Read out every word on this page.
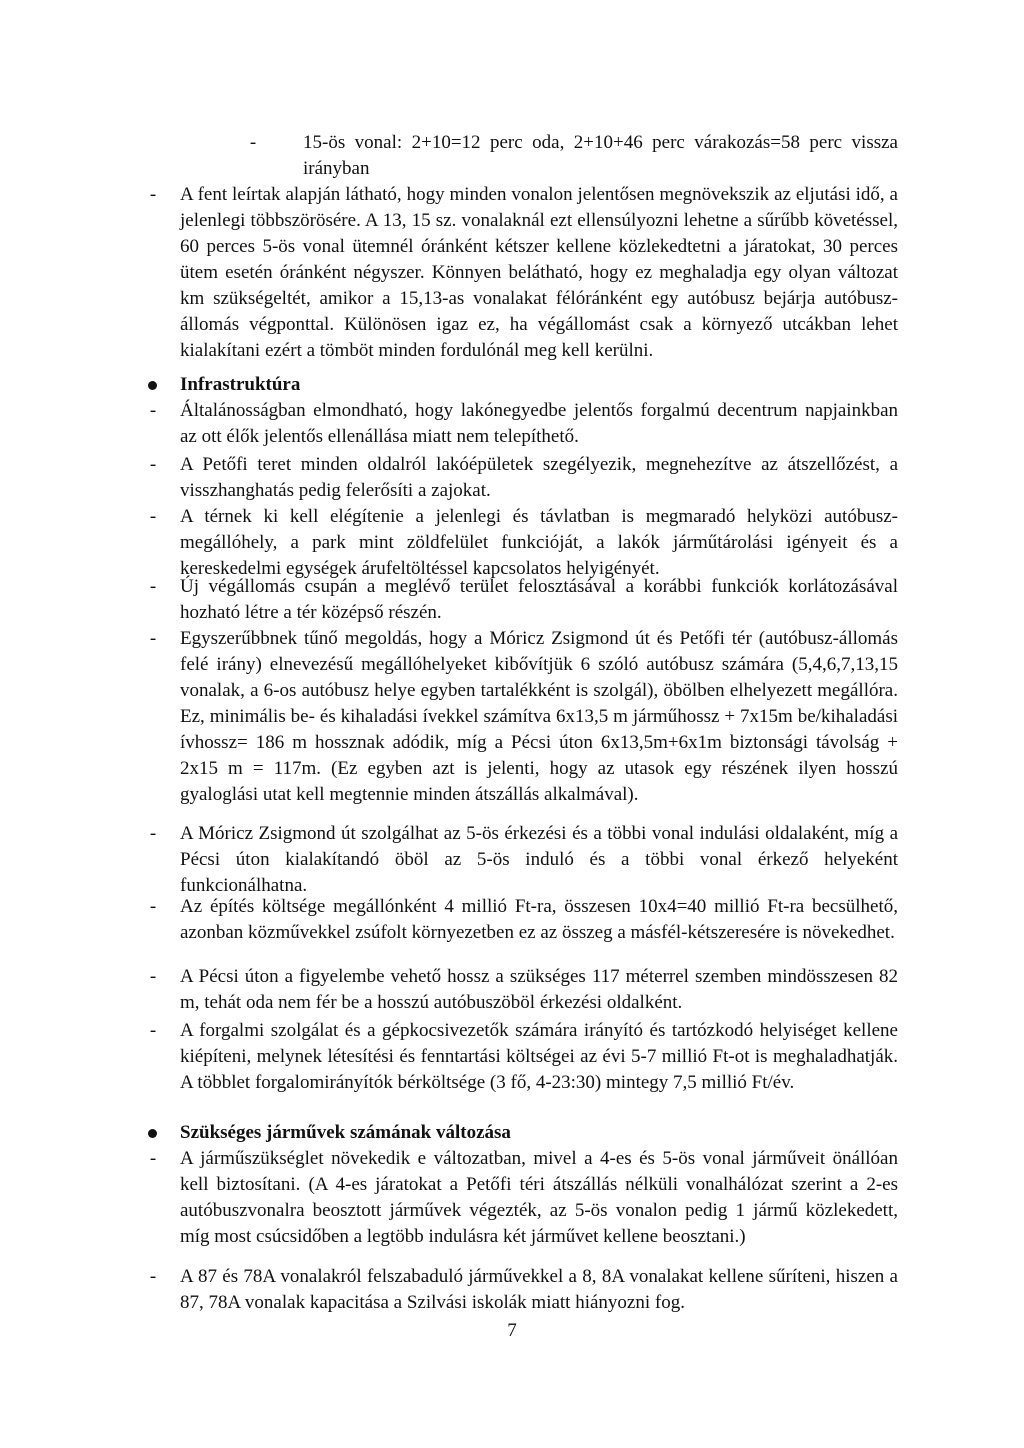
- 15-ös vonal: 2+10=12 perc oda, 2+10+46 perc várakozás=58 perc vissza irányban
- A fent leírtak alapján látható, hogy minden vonalon jelentősen megnövekszik az eljutási idő, a jelenlegi többszörösére. A 13, 15 sz. vonalaknál ezt ellensúlyozni lehetne a sűrűbb követéssel, 60 perces 5-ös vonal ütemnél óránként kétszer kellene közlekedtetni a járatokat, 30 perces ütem esetén óránként négyszer. Könnyen belátható, hogy ez meghaladja egy olyan változat km szükségeltét, amikor a 15,13-as vonalakat félóránként egy autóbusz bejárja autóbusz-állomás végponttal. Különösen igaz ez, ha végállomást csak a környező utcákban lehet kialakítani ezért a tömböt minden fordulónál meg kell kerülni.
Infrastruktúra
- Általánosságban elmondható, hogy lakónegyedbe jelentős forgalmú decentrum napjainkban az ott élők jelentős ellenállása miatt nem telepíthető.
- A Petőfi teret minden oldalról lakóépületek szegélyezik, megnehezítve az átszellőzést, a visszhanghatás pedig felerősíti a zajokat.
- A térnek ki kell elégítenie a jelenlegi és távlatban is megmaradó helyközi autóbusz-megállóhely, a park mint zöldfelület funkcióját, a lakók járműtárolási igényeit és a kereskedelmi egységek árufeltöltéssel kapcsolatos helyigényét.
- Új végállomás csupán a meglévő terület felosztásával a korábbi funkciók korlátozásával hozható létre a tér középső részén.
- Egyszerűbbnek tűnő megoldás, hogy a Móricz Zsigmond út és Petőfi tér (autóbusz-állomás felé irány) elnevezésű megállóhelyeket kibővítjük 6 szóló autóbusz számára (5,4,6,7,13,15 vonalak, a 6-os autóbusz helye egyben tartalékként is szolgál), öbölben elhelyezett megállóra. Ez, minimális be- és kihaladási ívekkel számítva 6x13,5 m járműhossz + 7x15m be/kihaladási ívhossz= 186 m hossznak adódik, míg a Pécsi úton 6x13,5m+6x1m biztonsági távolság + 2x15 m = 117m. (Ez egyben azt is jelenti, hogy az utasok egy részének ilyen hosszú gyaloglási utat kell megtennie minden átszállás alkalmával).
- A Móricz Zsigmond út szolgálhat az 5-ös érkezési és a többi vonal indulási oldalaként, míg a Pécsi úton kialakítandó öböl az 5-ös induló és a többi vonal érkező helyeként funkcionálhatna.
- Az építés költsége megállónként 4 millió Ft-ra, összesen 10x4=40 millió Ft-ra becsülhető, azonban közművekkel zsúfolt környezetben ez az összeg a másfél-kétszeresére is növekedhet.
- A Pécsi úton a figyelembe vehető hossz a szükséges 117 méterrel szemben mindösszesen 82 m, tehát oda nem fér be a hosszú autóbuszöböl érkezési oldalként.
- A forgalmi szolgálat és a gépkocsivezetők számára irányító és tartózkodó helyiséget kellene kiépíteni, melynek létesítési és fenntartási költségei az évi 5-7 millió Ft-ot is meghaladhatják. A többlet forgalomirányítók bérköltsége (3 fő, 4-23:30) mintegy 7,5 millió Ft/év.
Szükséges járművek számának változása
- A járműszükséglet növekedik e változatban, mivel a 4-es és 5-ös vonal járműveit önállóan kell biztosítani. (A 4-es járatokat a Petőfi téri átszállás nélküli vonalhálózat szerint a 2-es autóbuszvonalra beosztott járművek végezték, az 5-ös vonalon pedig 1 jármű közlekedett, míg most csúcsidőben a legtöbb indulásra két járművet kellene beosztani.)
- A 87 és 78A vonalakról felszabaduló járművekkel a 8, 8A vonalakat kellene sűríteni, hiszen a 87, 78A vonalak kapacitása a Szilvási iskolák miatt hiányozni fog.
7
